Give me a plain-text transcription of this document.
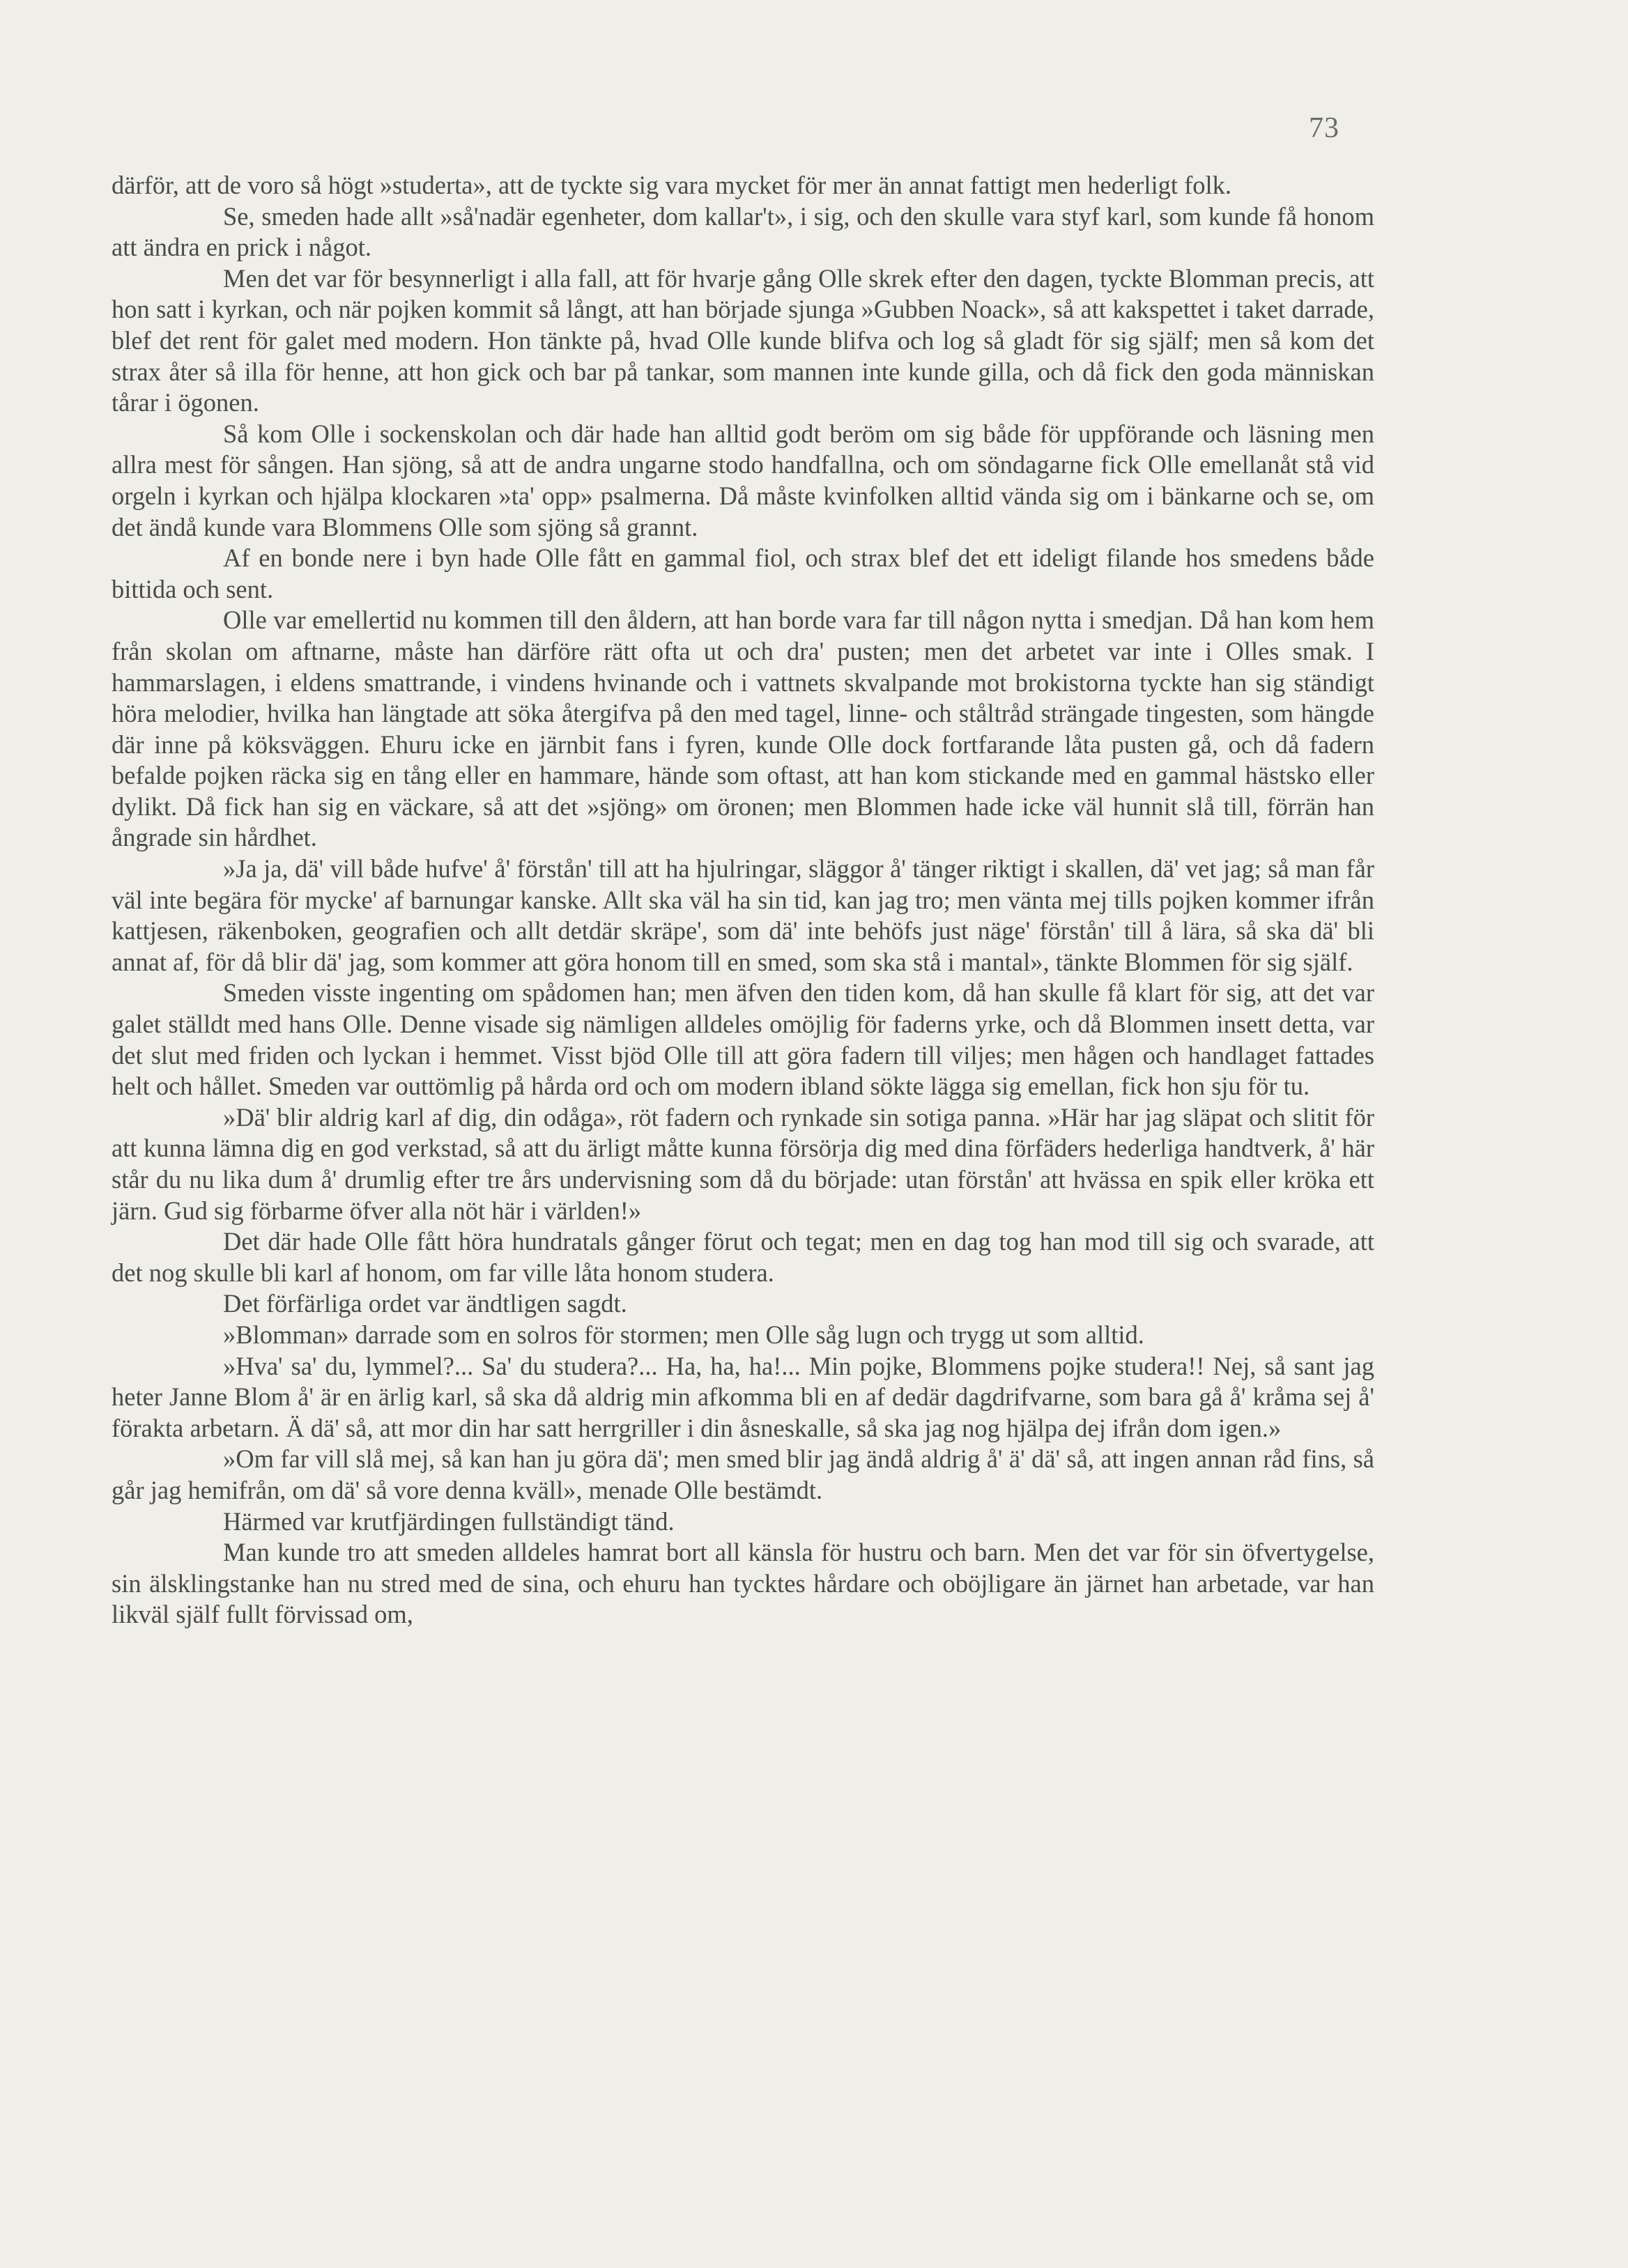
73

därför, att de voro så högt »studerta», att de tyckte sig vara mycket för mer än annat fattigt men hederligt folk.

Se, smeden hade allt »så'nadär egenheter, dom kallar't», i sig, och den skulle vara styf karl, som kunde få honom att ändra en prick i något.

Men det var för besynnerligt i alla fall, att för hvarje gång Olle skrek efter den dagen, tyckte Blomman precis, att hon satt i kyrkan, och när pojken kommit så långt, att han började sjunga »Gubben Noack», så att kakspettet i taket darrade, blef det rent för galet med modern. Hon tänkte på, hvad Olle kunde blifva och log så gladt för sig själf; men så kom det strax åter så illa för henne, att hon gick och bar på tankar, som mannen inte kunde gilla, och då fick den goda människan tårar i ögonen.

Så kom Olle i sockenskolan och där hade han alltid godt beröm om sig både för uppförande och läsning men allra mest för sången. Han sjöng, så att de andra ungarne stodo handfallna, och om söndagarne fick Olle emellanåt stå vid orgeln i kyrkan och hjälpa klockaren »ta' opp» psalmerna. Då måste kvinfolken alltid vända sig om i bänkarne och se, om det ändå kunde vara Blommens Olle som sjöng så grannt.

Af en bonde nere i byn hade Olle fått en gammal fiol, och strax blef det ett ideligt filande hos smedens både bittida och sent.

Olle var emellertid nu kommen till den åldern, att han borde vara far till någon nytta i smedjan. Då han kom hem från skolan om aftnarne, måste han därföre rätt ofta ut och dra' pusten; men det arbetet var inte i Olles smak. I hammarslagen, i eldens smattrande, i vindens hvinande och i vattnets skvalpande mot brokistorna tyckte han sig ständigt höra melodier, hvilka han längtade att söka återgifva på den med tagel, linne- och ståltråd strängade tingesten, som hängde där inne på köksväggen. Ehuru icke en järnbit fans i fyren, kunde Olle dock fortfarande låta pusten gå, och då fadern befalde pojken räcka sig en tång eller en hammare, hände som oftast, att han kom stickande med en gammal hästsko eller dylikt. Då fick han sig en väckare, så att det »sjöng» om öronen; men Blommen hade icke väl hunnit slå till, förrän han ångrade sin hårdhet.

»Ja ja, dä' vill både hufve' å' förstån' till att ha hjulringar, släggor å' tänger riktigt i skallen, dä' vet jag; så man får väl inte begära för mycke' af barnungar kanske. Allt ska väl ha sin tid, kan jag tro; men vänta mej tills pojken kommer ifrån kattjesen, räkenboken, geografien och allt detdär skräpe', som dä' inte behöfs just näge' förstån' till å lära, så ska dä' bli annat af, för då blir dä' jag, som kommer att göra honom till en smed, som ska stå i mantal», tänkte Blommen för sig själf.

Smeden visste ingenting om spådomen han; men äfven den tiden kom, då han skulle få klart för sig, att det var galet ställdt med hans Olle. Denne visade sig nämligen alldeles omöjlig för faderns yrke, och då Blommen insett detta, var det slut med friden och lyckan i hemmet. Visst bjöd Olle till att göra fadern till viljes; men hågen och handlaget fattades helt och hållet. Smeden var outtömlig på hårda ord och om modern ibland sökte lägga sig emellan, fick hon sju för tu.

»Dä' blir aldrig karl af dig, din odåga», röt fadern och rynkade sin sotiga panna. »Här har jag släpat och slitit för att kunna lämna dig en god verkstad, så att du ärligt måtte kunna försörja dig med dina förfäders hederliga handtverk, å' här står du nu lika dum å' drumlig efter tre års undervisning som då du började: utan förstån' att hvässa en spik eller kröka ett järn. Gud sig förbarme öfver alla nöt här i världen!»

Det där hade Olle fått höra hundratals gånger förut och tegat; men en dag tog han mod till sig och svarade, att det nog skulle bli karl af honom, om far ville låta honom studera.

Det förfärliga ordet var ändtligen sagdt.

»Blomman» darrade som en solros för stormen; men Olle såg lugn och trygg ut som alltid.

»Hva' sa' du, lymmel?... Sa' du studera?... Ha, ha, ha!... Min pojke, Blommens pojke studera!! Nej, så sant jag heter Janne Blom å' är en ärlig karl, så ska då aldrig min afkomma bli en af dedär dagdrifvarne, som bara gå å' kråma sej å' förakta arbetarn. Ä dä' så, att mor din har satt herrgriller i din åsneskalle, så ska jag nog hjälpa dej ifrån dom igen.»

»Om far vill slå mej, så kan han ju göra dä'; men smed blir jag ändå aldrig å' ä' dä' så, att ingen annan råd fins, så går jag hemifrån, om dä' så vore denna kväll», menade Olle bestämdt.

Härmed var krutfjärdingen fullständigt tänd.

Man kunde tro att smeden alldeles hamrat bort all känsla för hustru och barn. Men det var för sin öfvertygelse, sin älsklingstanke han nu stred med de sina, och ehuru han tycktes hårdare och oböjligare än järnet han arbetade, var han likväl själf fullt förvissad om,
